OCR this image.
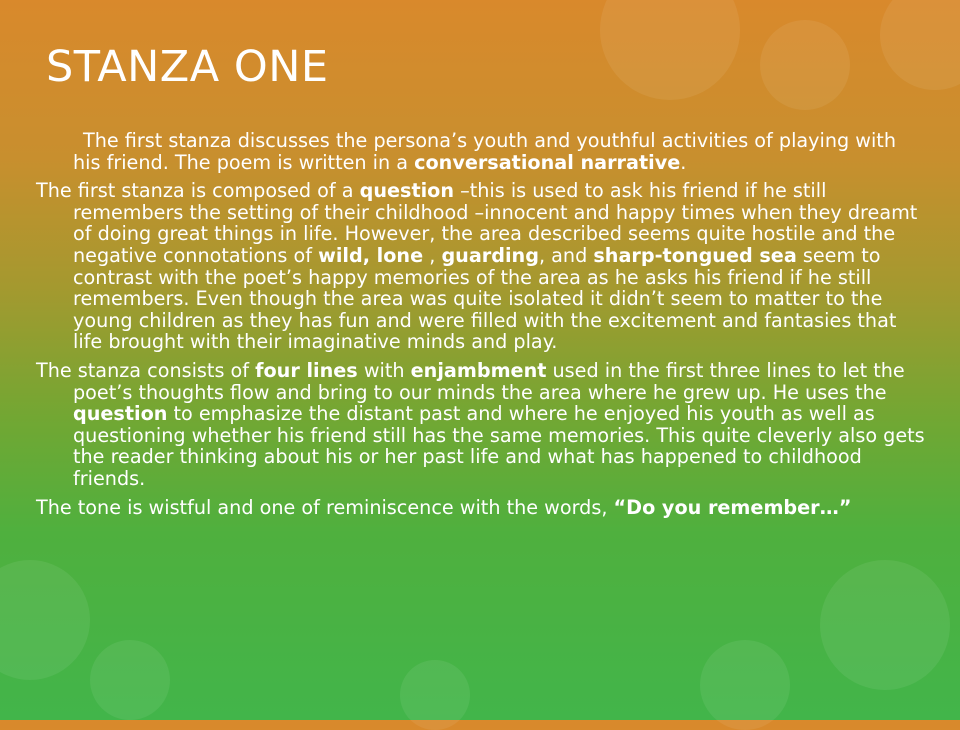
STANZA ONE

The first stanza discusses the persona’s youth and youthful activities of playing with his friend. The poem is written in a conversational narrative.

The first stanza is composed of a question –this is used to ask his friend if he still remembers the setting of their childhood –innocent and happy times when they dreamt of doing great things in life. However, the area described seems quite hostile and the negative connotations of wild, lone , guarding, and sharp-tongued sea seem to contrast with the poet’s happy memories of the area as he asks his friend if he still remembers. Even though the area was quite isolated it didn’t seem to matter to the young children as they has fun and were filled with the excitement and fantasies that life brought with their imaginative minds and play.

The stanza consists of four lines with enjambment used in the first three lines to let the poet’s thoughts flow and bring to our minds the area where he grew up. He uses the question to emphasize the distant past and where he enjoyed his youth as well as questioning whether his friend still has the same memories. This quite cleverly also gets the reader thinking about his or her past life and what has happened to childhood friends.

The tone is wistful and one of reminiscence with the words, “Do you remember…”
